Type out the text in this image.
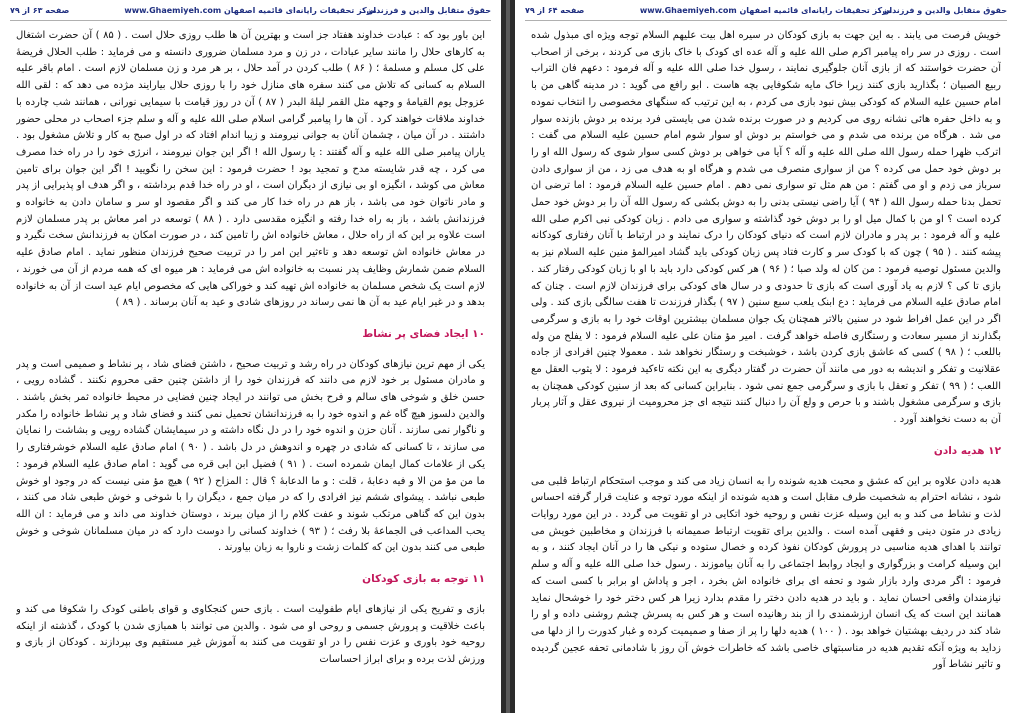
حقوق متقابل والدین و فرزندان
مرکز تحقیقات رایانه‌ای قائمیه اصفهان www.Ghaemiyeh.com
صفحه ۶۳ از ۷۹

این باور بود که : عبادت خداوند هفتاد جز است و بهترین آن ها طلب روزی حلال است . ( ۸۵ ) آن حضرت اشتغال به کارهای حلال را مانند سایر عبادات ، در زن و مرد مسلمان ضروری دانسته و می فرماید : طلب الحلال فریضهٔ علی کل مسلم و مسلمهٔ ؛ ( ۸۶ ) طلب کردن در آمد حلال ، بر هر مرد و زن مسلمان لازم است . امام باقر علیه السلام به کسانی که تلاش می کنند سفره های منازل خود را با روزی حلال بیارایند مژده می دهد که : لقی الله عزوجل یوم القیامهٔ و وجهه مثل القمر لیلهٔ البدر ( ۸۷ ) آن در روز قیامت با سیمایی نورانی ، همانند شب چارده با خداوند ملاقات خواهند کرد . آن ها را پیامبر گرامی اسلام صلی الله علیه و آله و سلم جزء اصحاب در محلی حضور داشتند . در آن میان ، چشمان آنان به جوانی نیرومند و زیبا اندام افتاد که در اول صبح به کار و تلاش مشغول بود . یاران پیامبر صلی الله علیه و آله گفتند : یا رسول الله ! اگر این جوان نیرومند ، انرژی خود را در راه خدا مصرف می کرد ، چه قدر شایسته مدح و تمجید بود ! حضرت فرمود : این سخن را نگویید ! اگر این جوان برای تامین معاش می کوشد ، انگیزه او بی نیازی از دیگران است ، او در راه خدا قدم برداشته ، و اگر هدف او پذیرایی از پدر و مادر ناتوان خود می باشد ، باز هم در راه خدا کار می کند و اگر مقصود او سر و سامان دادن به خانواده و فرزندانش باشد ، باز به راه خدا رفته و انگیزه مقدسی دارد . ( ۸۸ ) توسعه در امر معاش بر پدر مسلمان لازم است علاوه بر این که از راه حلال ، معاش خانواده اش را تامین کند ، در صورت امکان به فرزندانش سخت نگیرد و در معاش خانواده اش توسعه دهد و تاءثیر این امر را در تربیت صحیح فرزندان منظور نماید . امام صادق علیه السلام ضمن شمارش وظایف پدر نسبت به خانواده اش می فرماید : هر میوه ای که همه مردم از آن می خورند ، لازم است یک شخص مسلمان به خانواده اش تهیه کند و خوراکی هایی که مخصوص ایام عید است از آن به خانواده بدهد و در غیر ایام عید به آن ها نمی رساند در روزهای شادی و عید به آنان برساند . ( ۸۹ )

۱۰ ایجاد فضای پر نشاط

یکی از مهم ترین نیازهای کودکان در راه رشد و تربیت صحیح ، داشتن فضای شاد ، پر نشاط و صمیمی است و پدر و مادران مسئول بر خود لازم می دانند که فرزندان خود را از داشتن چنین حقی محروم نکنند . گشاده رویی ، حسن خلق و شوخی های سالم و فرح بخش می توانند در ایجاد چنین فضایی در محیط خانواده ثمر بخش باشند . والدین دلسوز هیچ گاه غم و اندوه خود را به فرزندانشان تحمیل نمی کنند و فضای شاد و پر نشاط خانواده را مکدر و ناگوار نمی سازند . آنان حزن و اندوه خود را در دل نگاه داشته و در سیمایشان گشاده رویی و بشاشت را نمایان می سازند ، تا کسانی که شادی در چهره و اندوهش در دل باشد . ( ۹۰ ) امام صادق علیه السلام خوشرفتاری را یکی از علامات کمال ایمان شمرده است . ( ۹۱ ) فضیل ابن ابی قره می گوید : امام صادق علیه السلام فرمود : ما من مؤ من الا و فیه دعابهٔ ، قلت : و ما الدعابهٔ ؟ قال : المزاح ( ۹۲ ) هیچ مؤ منی نیست که در وجود او خوش طبعی نباشد . پیشوای ششم نیز افرادی را که در میان جمع ، دیگران را با شوخی و خوش طبعی شاد می کنند ، بدون این که گناهی مرتکب شوند و عفت کلام را از میان ببرند ، دوستان خداوند می داند و می فرماید : ان الله یحب المداعب فی الجماعهٔ بلا رفث ؛ ( ۹۳ ) خداوند کسانی را دوست دارد که در میان مسلمانان شوخی و خوش طبعی می کنند بدون این که کلمات زشت و ناروا به زبان بیاورند .

۱۱ توجه به بازی کودکان

بازی و تفریح یکی از نیازهای ایام طفولیت است . بازی حس کنجکاوی و قوای باطنی کودک را شکوفا می کند و باعث خلاقیت و پرورش جسمی و روحی او می شود . والدین می توانند با همبازی شدن با کودک ، گذشته از اینکه روحیه خود باوری و عزت نفس را در او تقویت می کنند به آموزش غیر مستقیم وی بپردازند . کودکان از بازی و ورزش لذت برده و برای ابراز احساسات

حقوق متقابل والدین و فرزندان
مرکز تحقیقات رایانه‌ای قائمیه اصفهان www.Ghaemiyeh.com
صفحه ۶۴ از ۷۹

خویش فرصت می یابند . به این جهت به بازی کودکان در سیره اهل بیت علیهم السلام توجه ویژه ای مبذول شده است . روزی در سر راه پیامبر اکرم صلی الله علیه و آله عده ای کودک با خاک بازی می کردند ، برخی از اصحاب آن حضرت خواستند که از بازی آنان جلوگیری نمایند ، رسول خدا صلی الله علیه و آله فرمود : دعهم فان التراب ربیع الصبیان ؛ بگذارید بازی کنند زیرا خاک مایه شکوفایی بچه هاست . ابو رافع می گوید : در مدینه گاهی من با امام حسین علیه السلام که کودکی بیش نبود بازی می کردم ، به این ترتیب که سنگهای مخصوصی را انتخاب نموده و به داخل حفره هائی نشانه روی می کردیم و در صورت برنده شدن می بایستی فرد برنده بر دوش بازنده سوار می شد . هرگاه من برنده می شدم و می خواستم بر دوش او سوار شوم امام حسین علیه السلام می گفت : اترکب ظهرا حمله رسول الله صلی الله علیه و آله ؟ آیا می خواهی بر دوش کسی سوار شوی که رسول الله او را بر دوش خود حمل می کرده ؟ من از سواری منصرف می شدم و هرگاه او به هدف می زد ، من از سواری دادن سرباز می زدم و او می گفتم : من هم مثل تو سواری نمی دهم . امام حسین علیه السلام فرمود : اما ترضی ان تحمل بدنا حمله رسول الله ( ۹۴ ) آیا راضی نیستی بدنی را به دوش بکشی که رسول الله آن را بر دوش خود حمل کرده است ؟ او من با کمال میل او را بر دوش خود گذاشته و سواری می دادم . زبان کودکی نبی اکرم صلی الله علیه و آله فرمود : بر پدر و مادران لازم است که دنیای کودکان را درک نمایند و در ارتباط با آنان رفتاری کودکانه پیشه کنند . ( ۹۵ ) چون که با کودک سر و کارت فتاد پس زبان کودکی باید گشاد امیرالمؤ منین علیه السلام نیز به والدین مسئول توصیه فرمود : من کان له ولد صبا ؛ ( ۹۶ ) هر کس کودکی دارد باید با او با زبان کودکی رفتار کند . بازی تا کی ؟ لازم به یاد آوری است که بازی تا حدودی و در سال های کودکی برای فرزندان لازم است . چنان که امام صادق علیه السلام می فرماید : دع ابنک یلعب سبع سنین ( ۹۷ ) بگذار فرزندت تا هفت سالگی بازی کند . ولی اگر در این عمل افراط شود در سنین بالاتر همچنان یک جوان مسلمان بیشترین اوقات خود را به بازی و سرگرمی بگذارند از مسیر سعادت و رستگاری فاصله خواهد گرفت . امیر مؤ منان علی علیه السلام فرمود : لا یفلح من وله باللعب ؛ ( ۹۸ ) کسی که عاشق بازی کردن باشد ، خوشبخت و رستگار نخواهد شد . معمولا چنین افرادی از جاده عقلانیت و تفکر و اندیشه به دور می مانند آن حضرت در گفتار دیگری به این نکته تاءکید فرمود : لا یثوب العقل مع اللعب ؛ ( ۹۹ ) تفکر و تعقل با بازی و سرگرمی جمع نمی شود . بنابراین کسانی که بعد از سنین کودکی همچنان به بازی و سرگرمی مشغول باشند و با حرص و ولع آن را دنبال کنند نتیجه ای جز محرومیت از نیروی عقل و آثار پربار آن به دست نخواهند آورد .

۱۲ هدیه دادن

هدیه دادن علاوه بر این که عشق و محبت هدیه شونده را به انسان زیاد می کند و موجب استحکام ارتباط قلبی می شود ، نشانه احترام به شخصیت طرف مقابل است و هدیه شونده از اینکه مورد توجه و عنایت قرار گرفته احساس لذت و نشاط می کند و به این وسیله عزت نفس و روحیه خود اتکایی در او تقویت می گردد . در این مورد روایات زیادی در متون دینی و فقهی آمده است . والدین برای تقویت ارتباط صمیمانه با فرزندان و مخاطبین خویش می توانند با اهدای هدیه مناسبی در پرورش کودکان نفوذ کرده و خصال ستوده و نیکی ها را در آنان ایجاد کنند ، و به این وسیله کرامت و بزرگواری و ایجاد روابط اجتماعی را به آنان بیاموزند . رسول خدا صلی الله علیه و آله و سلم فرمود : اگر مردی وارد بازار شود و تحفه ای برای خانواده اش بخرد ، اجر و پاداش او برابر با کسی است که نیازمندان واقعی احسان نماید . و باید در هدیه دادن دختر را مقدم بدارد زیرا هر کس دختر خود را خوشحال نماید همانند این است که یک انسان ارزشمندی را از بند رهانیده است و هر کس به پسرش چشم روشنی داده و او را شاد کند در ردیف بهشتیان خواهد بود . ( ۱۰۰ ) هدیه دلها را پر از صفا و صمیمیت کرده و غبار کدورت را از دلها می زداید به ویژه آنکه تقدیم هدیه در مناسبتهای خاصی باشد که خاطرات خوش آن روز با شادمانی تحفه عجین گردیده و تاثیر نشاط آور
